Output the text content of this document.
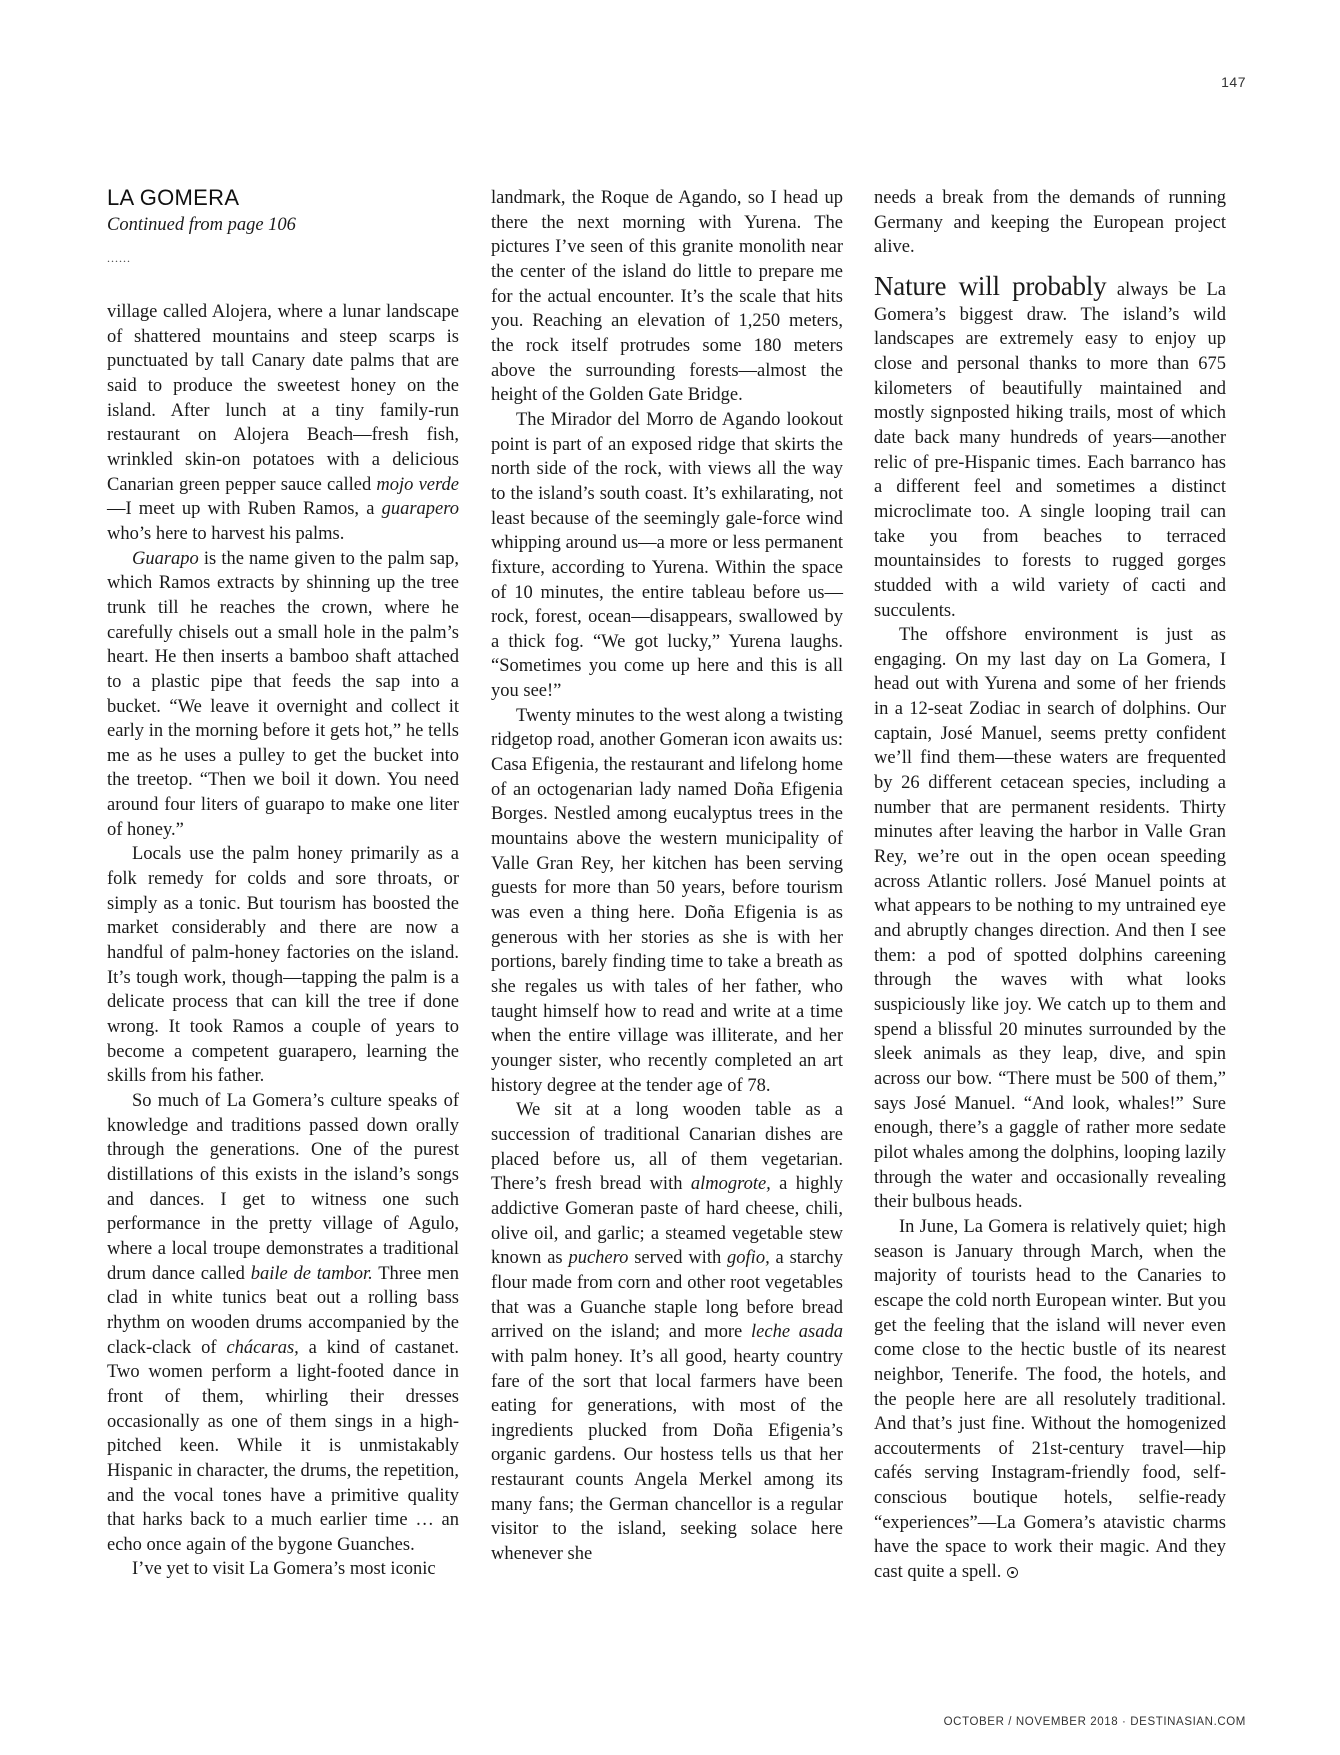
147
LA GOMERA
Continued from page 106
......

village called Alojera, where a lunar landscape of shattered mountains and steep scarps is punctuated by tall Canary date palms that are said to produce the sweetest honey on the island. After lunch at a tiny family-run restaurant on Alojera Beach—fresh fish, wrinkled skin-on potatoes with a delicious Canarian green pepper sauce called mojo verde—I meet up with Ruben Ramos, a guarapero who’s here to harvest his palms.

Guarapo is the name given to the palm sap, which Ramos extracts by shinning up the tree trunk till he reaches the crown, where he carefully chisels out a small hole in the palm’s heart. He then inserts a bamboo shaft attached to a plastic pipe that feeds the sap into a bucket. “We leave it overnight and collect it early in the morning before it gets hot,” he tells me as he uses a pulley to get the bucket into the treetop. “Then we boil it down. You need around four liters of guarapo to make one liter of honey.”

Locals use the palm honey primarily as a folk remedy for colds and sore throats, or simply as a tonic. But tourism has boosted the market considerably and there are now a handful of palm-honey factories on the island. It’s tough work, though—tapping the palm is a delicate process that can kill the tree if done wrong. It took Ramos a couple of years to become a competent guarapero, learning the skills from his father.

So much of La Gomera’s culture speaks of knowledge and traditions passed down orally through the generations. One of the purest distillations of this exists in the island’s songs and dances. I get to witness one such performance in the pretty village of Agulo, where a local troupe demonstrates a traditional drum dance called baile de tambor. Three men clad in white tunics beat out a rolling bass rhythm on wooden drums accompanied by the clack-clack of chácaras, a kind of castanet. Two women perform a light-footed dance in front of them, whirling their dresses occasionally as one of them sings in a high-pitched keen. While it is unmistakably Hispanic in character, the drums, the repetition, and the vocal tones have a primitive quality that harks back to a much earlier time … an echo once again of the bygone Guanches.

I’ve yet to visit La Gomera’s most iconic

landmark, the Roque de Agando, so I head up there the next morning with Yurena. The pictures I’ve seen of this granite monolith near the center of the island do little to prepare me for the actual encounter. It’s the scale that hits you. Reaching an elevation of 1,250 meters, the rock itself protrudes some 180 meters above the surrounding forests—almost the height of the Golden Gate Bridge.

The Mirador del Morro de Agando lookout point is part of an exposed ridge that skirts the north side of the rock, with views all the way to the island’s south coast. It’s exhilarating, not least because of the seemingly gale-force wind whipping around us—a more or less permanent fixture, according to Yurena. Within the space of 10 minutes, the entire tableau before us—rock, forest, ocean—disappears, swallowed by a thick fog. “We got lucky,” Yurena laughs. “Sometimes you come up here and this is all you see!”

Twenty minutes to the west along a twisting ridgetop road, another Gomeran icon awaits us: Casa Efigenia, the restaurant and lifelong home of an octogenarian lady named Doña Efigenia Borges. Nestled among eucalyptus trees in the mountains above the western municipality of Valle Gran Rey, her kitchen has been serving guests for more than 50 years, before tourism was even a thing here. Doña Efigenia is as generous with her stories as she is with her portions, barely finding time to take a breath as she regales us with tales of her father, who taught himself how to read and write at a time when the entire village was illiterate, and her younger sister, who recently completed an art history degree at the tender age of 78.

We sit at a long wooden table as a succession of traditional Canarian dishes are placed before us, all of them vegetarian. There’s fresh bread with almogrote, a highly addictive Gomeran paste of hard cheese, chili, olive oil, and garlic; a steamed vegetable stew known as puchero served with gofio, a starchy flour made from corn and other root vegetables that was a Guanche staple long before bread arrived on the island; and more leche asada with palm honey. It’s all good, hearty country fare of the sort that local farmers have been eating for generations, with most of the ingredients plucked from Doña Efigenia’s organic gardens. Our hostess tells us that her restaurant counts Angela Merkel among its many fans; the German chancellor is a regular visitor to the island, seeking solace here whenever she

needs a break from the demands of running Germany and keeping the European project alive.

Nature will probably always be La Gomera’s biggest draw. The island’s wild landscapes are extremely easy to enjoy up close and personal thanks to more than 675 kilometers of beautifully maintained and mostly signposted hiking trails, most of which date back many hundreds of years—another relic of pre-Hispanic times. Each barranco has a different feel and sometimes a distinct microclimate too. A single looping trail can take you from beaches to terraced mountainsides to forests to rugged gorges studded with a wild variety of cacti and succulents.

The offshore environment is just as engaging. On my last day on La Gomera, I head out with Yurena and some of her friends in a 12-seat Zodiac in search of dolphins. Our captain, José Manuel, seems pretty confident we’ll find them—these waters are frequented by 26 different cetacean species, including a number that are permanent residents. Thirty minutes after leaving the harbor in Valle Gran Rey, we’re out in the open ocean speeding across Atlantic rollers. José Manuel points at what appears to be nothing to my untrained eye and abruptly changes direction. And then I see them: a pod of spotted dolphins careening through the waves with what looks suspiciously like joy. We catch up to them and spend a blissful 20 minutes surrounded by the sleek animals as they leap, dive, and spin across our bow. “There must be 500 of them,” says José Manuel. “And look, whales!” Sure enough, there’s a gaggle of rather more sedate pilot whales among the dolphins, looping lazily through the water and occasionally revealing their bulbous heads.

In June, La Gomera is relatively quiet; high season is January through March, when the majority of tourists head to the Canaries to escape the cold north European winter. But you get the feeling that the island will never even come close to the hectic bustle of its nearest neighbor, Tenerife. The food, the hotels, and the people here are all resolutely traditional. And that’s just fine. Without the homogenized accouterments of 21st-century travel—hip cafés serving Instagram-friendly food, self-conscious boutique hotels, selfie-ready “experiences”—La Gomera’s atavistic charms have the space to work their magic. And they cast quite a spell.

OCTOBER / NOVEMBER 2018 · DESTINASIAN.COM
